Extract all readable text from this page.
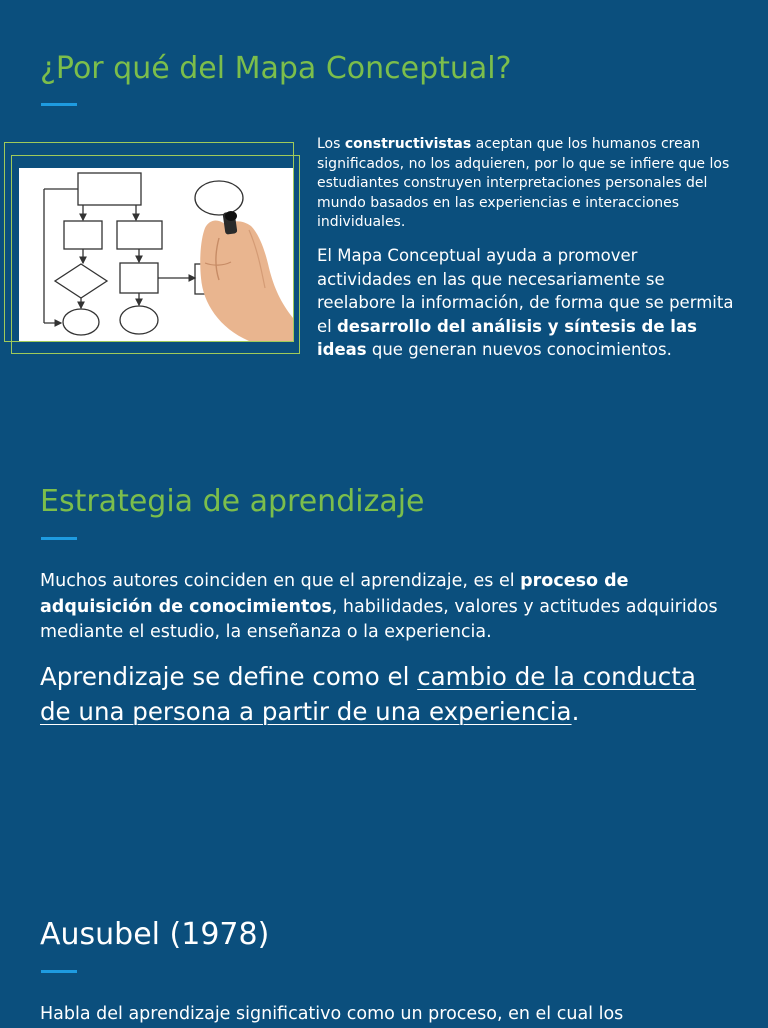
¿Por qué del Mapa Conceptual?

Los constructivistas aceptan que los humanos crean significados, no los adquieren, por lo que se infiere que los estudiantes construyen interpretaciones personales del mundo basados en las experiencias e interacciones individuales.

El Mapa Conceptual ayuda a promover actividades en las que necesariamente se reelabore la información, de forma que se permita el desarrollo del análisis y síntesis de las ideas que generan nuevos conocimientos.

Estrategia de aprendizaje

Muchos autores coinciden en que el aprendizaje, es el proceso de adquisición de conocimientos, habilidades, valores y actitudes adquiridos mediante el estudio, la enseñanza o la experiencia.

Aprendizaje se define como el cambio de la conducta de una persona a partir de una experiencia.

Ausubel (1978)

Habla del aprendizaje significativo como un proceso, en el cual los
